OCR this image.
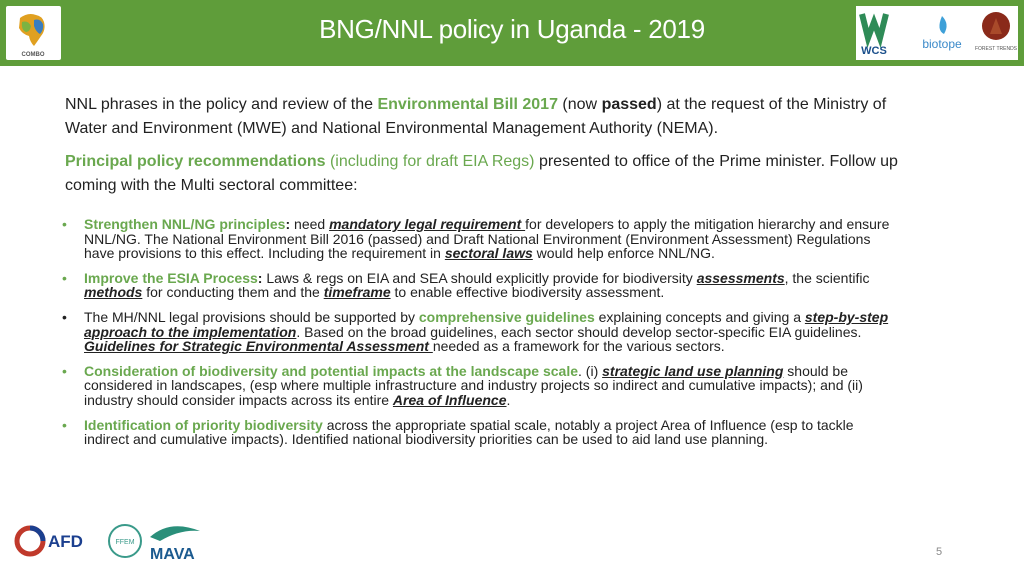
COMBO
BNG/NNL policy in Uganda - 2019
WCS	biotope	FOREST TRENDS
NNL phrases in the policy and review of the Environmental Bill 2017 (now passed) at the request of the Ministry of Water and Environment (MWE) and National Environmental Management Authority (NEMA).
Principal policy recommendations (including for draft EIA Regs) presented to office of the Prime minister. Follow up coming with the Multi sectoral committee:
• Strengthen NNL/NG principles: need mandatory legal requirement for developers to apply the mitigation hierarchy and ensure NNL/NG. The National Environment Bill 2016 (passed) and Draft National Environment (Environment Assessment) Regulations have provisions to this effect. Including the requirement in sectoral laws would help enforce NNL/NG.
• Improve the ESIA Process: Laws & regs on EIA and SEA should explicitly provide for biodiversity assessments, the scientific methods for conducting them and the timeframe to enable effective biodiversity assessment.
• The MH/NNL legal provisions should be supported by comprehensive guidelines explaining concepts and giving a step-by-step approach to the implementation. Based on the broad guidelines, each sector should develop sector-specific EIA guidelines. Guidelines for Strategic Environmental Assessment needed as a framework for the various sectors.
• Consideration of biodiversity and potential impacts at the landscape scale. (i) strategic land use planning should be considered in landscapes, (esp where multiple infrastructure and industry projects so indirect and cumulative impacts); and (ii) industry should consider impacts across its entire Area of Influence.
• Identification of priority biodiversity across the appropriate spatial scale, notably a project Area of Influence (esp to tackle indirect and cumulative impacts). Identified national biodiversity priorities can be used to aid land use planning.
AFD	FFEM
MAVA	5
